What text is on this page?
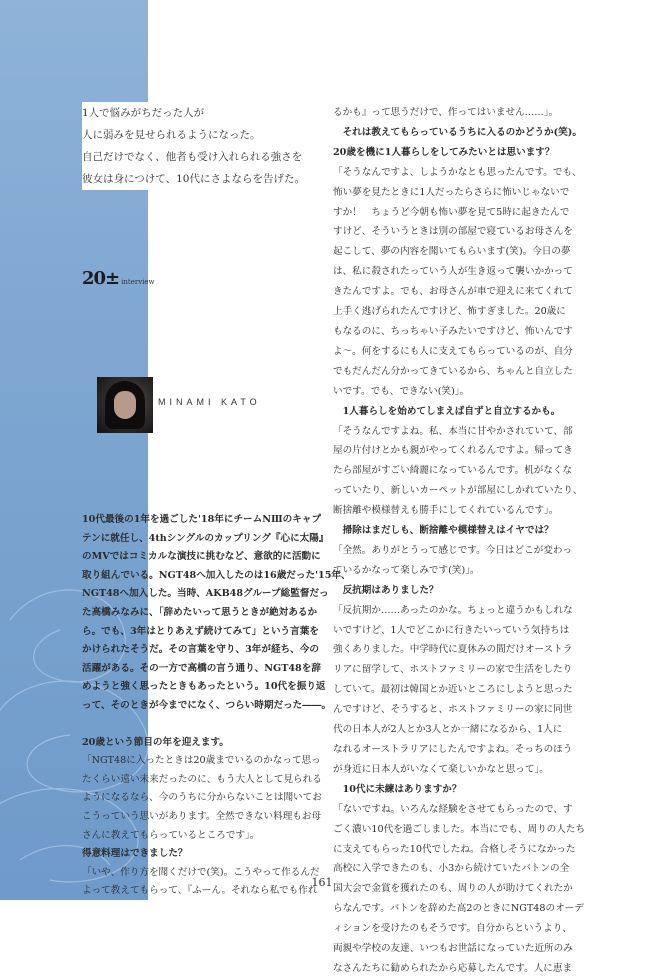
1人で悩みがちだった人が

人に弱みを見せられるようになった。

自己だけでなく、他者も受け入れられる強さを

彼女は身につけて、10代にさよならを告げた。

20± interview
MINAMI KATO

10代最後の1年を過ごした'18年にチームNⅢのキャプ

テンに就任し、4thシングルのカップリング『心に太陽』

のMVではコミカルな演技に挑むなど、意欲的に活動に

取り組んでいる。NGT48へ加入したのは16歳だった'15年、

NGT48へ加入した。当時、AKB48グループ総監督だっ

た高橋みなみに、「辞めたいって思うときが絶対あるか

ら。でも、3年はとりあえず続けてみて」という言葉を

かけられたそうだ。その言葉を守り、3年が経ち、今の

活躍がある。その一方で高橋の言う通り、NGT48を辞

めようと強く思ったときもあったという。10代を振り返

って、そのときが今までになく、つらい時期だった――。

20歳という節目の年を迎えます。

「NGT48に入ったときは20歳までいるのかなって思っ

たくらい遠い未来だったのに、もう大人として見られる

ようになるなら、今のうちに分からないことは聞いてお

こうっていう思いがあります。全然できない料理もお母

さんに教えてもらっているところです」。

得意料理はできました？

「いや、作り方を聞くだけで(笑)。こうやって作るんだ

よって教えてもらって、『ふーん。それなら私でも作れ

るかも』って思うだけで、作ってはいません……」。

　それは教えてもらっているうちに入るのかどうか(笑)。

20歳を機に1人暮らしをしてみたいとは思います？

「そうなんですよ、しようかなとも思ったんです。でも、

怖い夢を見たときに1人だったらさらに怖いじゃないで

すか！　ちょうど今朝も怖い夢を見て5時に起きたんで

すけど、そういうときは別の部屋で寝ているお母さんを

起こして、夢の内容を聞いてもらいます(笑)。今日の夢

は、私に殺されたっていう人が生き返って襲いかかって

きたんですよ。でも、お母さんが車で迎えに来てくれて

上手く逃げられたんですけど、怖すぎました。20歳に

もなるのに、ちっちゃい子みたいですけど、怖いんです

よ～。何をするにも人に支えてもらっているのが、自分

でもだんだん分かってきているから、ちゃんと自立した

いです。でも、できない(笑)」。

　1人暮らしを始めてしまえば自ずと自立するかも。

「そうなんですよね。私、本当に甘やかされていて、部

屋の片付けとかも親がやってくれるんですよ。帰ってき

たら部屋がすごい綺麗になっているんです。机がなくな

っていたり、新しいカーペットが部屋にしかれていたり、

断捨離や模様替えも勝手にしてくれているんです」。

　掃除はまだしも、断捨離や模様替えはイヤでは？

「全然。ありがとうって感じです。今日はどこが変わっ

ているかなって楽しみです(笑)」。

　反抗期はありました？

「反抗期か……あったのかな。ちょっと違うかもしれな

いですけど、1人でどこかに行きたいっていう気持ちは

強くありました。中学時代に夏休みの間だけオーストラ

リアに留学して、ホストファミリーの家で生活をしたり

していて。最初は韓国とか近いところにしようと思った

んですけど、そうすると、ホストファミリーの家に同世

代の日本人が2人とか3人とか一緒になるから、1人に

なれるオーストラリアにしたんですよね。そっちのほう

が身近に日本人がいなくて楽しいかなと思って」。

　10代に未練はありますか？

「ないですね。いろんな経験をさせてもらったので、す

ごく濃い10代を過ごしました。本当にでも、周りの人たち

に支えてもらった10代でしたね。合格しそうになかった

高校に入学できたのも、小3から続けていたバトンの全

国大会で金賞を獲れたのも、周りの人が助けてくれたか

らなんです。バトンを辞めた高2のときにNGT48のオーデ

ィションを受けたのもそうです。自分からというより、

両親や学校の友達、いつもお世話になっていた近所のみ

なさんたちに勧められたから応募したんです。人に恵ま

161
